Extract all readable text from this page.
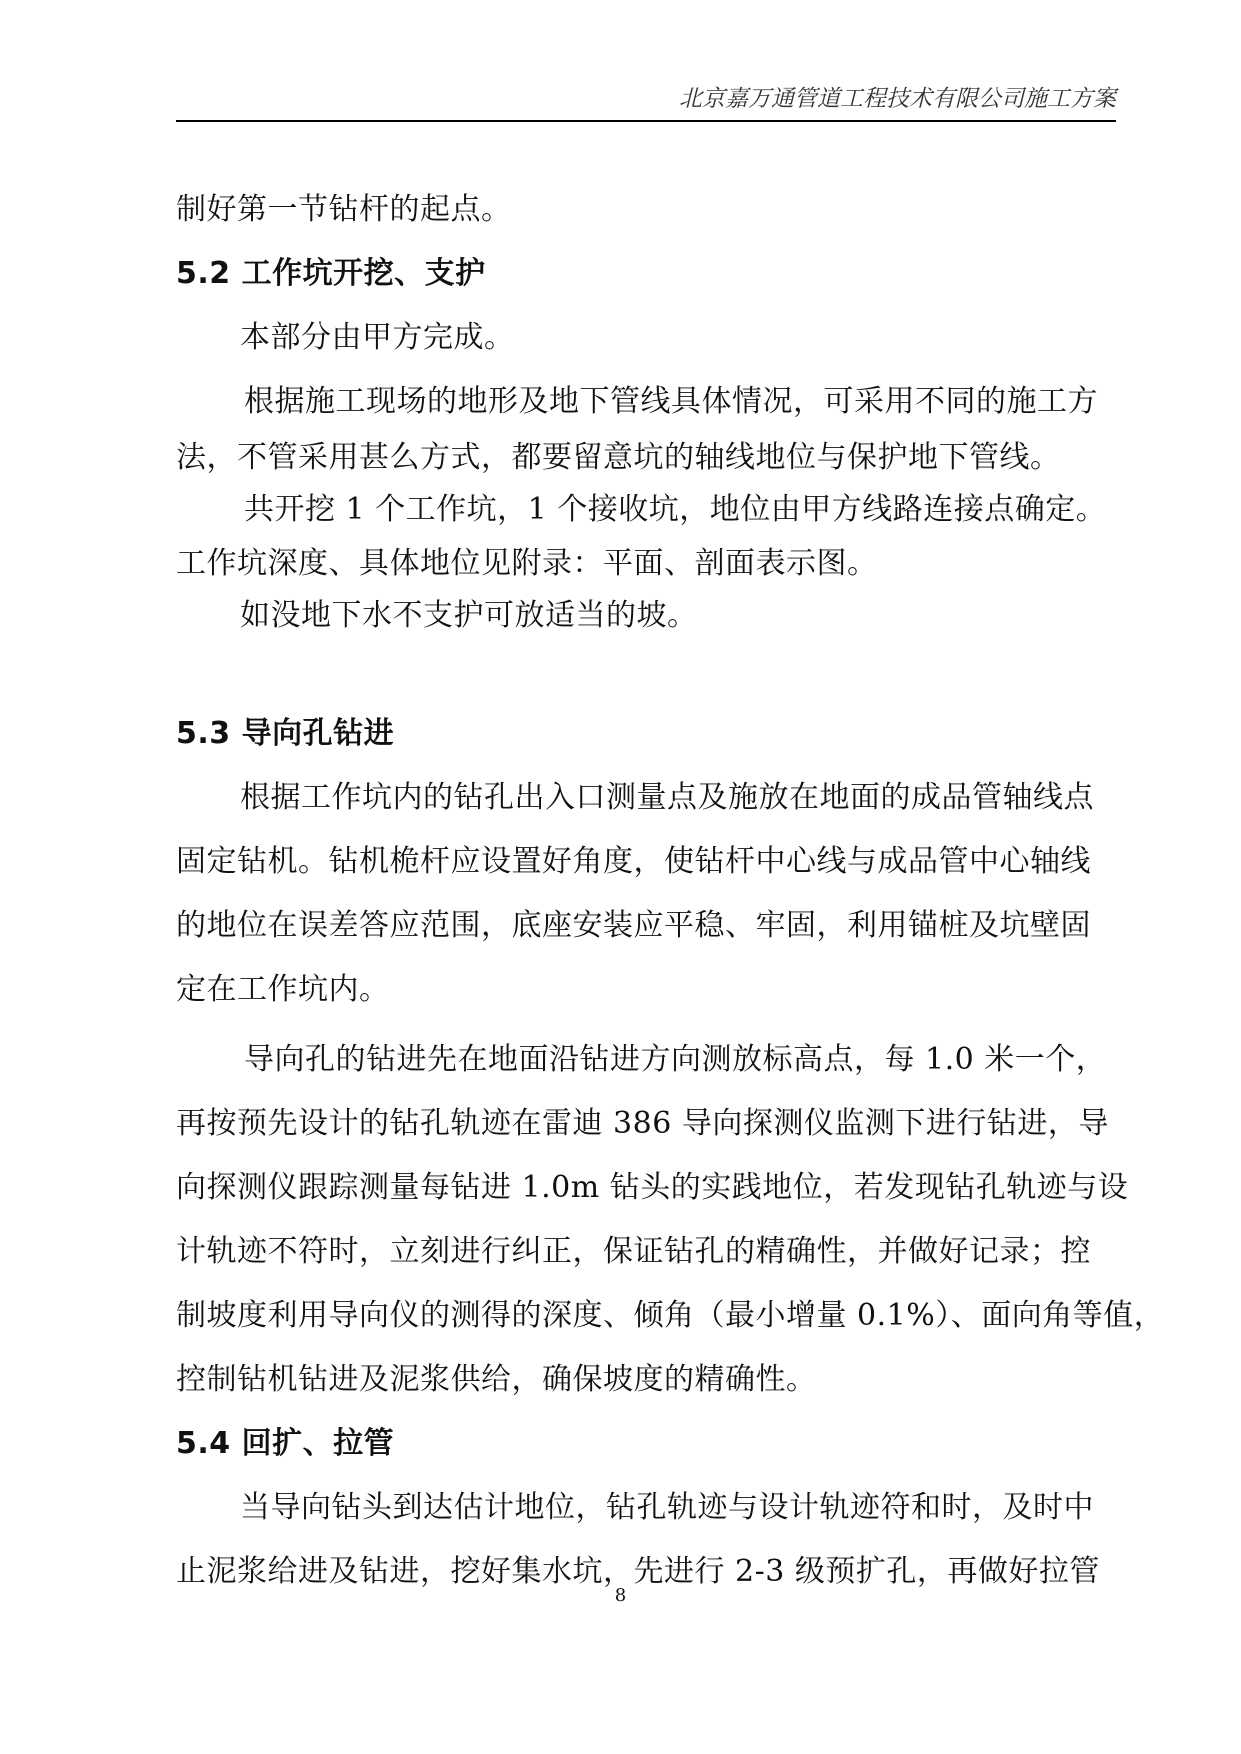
北京嘉万通管道工程技术有限公司施工方案
制好第一节钻杆的起点。
5.2 工作坑开挖、支护
本部分由甲方完成。
根据施工现场的地形及地下管线具体情况，可采用不同的施工方
法，不管采用甚么方式，都要留意坑的轴线地位与保护地下管线。
共开挖 1 个工作坑，1 个接收坑，地位由甲方线路连接点确定。
工作坑深度、具体地位见附录：平面、剖面表示图。
如没地下水不支护可放适当的坡。
5.3 导向孔钻进
根据工作坑内的钻孔出入口测量点及施放在地面的成品管轴线点
固定钻机。钻机桅杆应设置好角度，使钻杆中心线与成品管中心轴线
的地位在误差答应范围，底座安装应平稳、牢固，利用锚桩及坑壁固
定在工作坑内。
导向孔的钻进先在地面沿钻进方向测放标高点，每 1.0 米一个，
再按预先设计的钻孔轨迹在雷迪 386 导向探测仪监测下进行钻进，导
向探测仪跟踪测量每钻进 1.0m 钻头的实践地位，若发现钻孔轨迹与设
计轨迹不符时，立刻进行纠正，保证钻孔的精确性，并做好记录；控
制坡度利用导向仪的测得的深度、倾角（最小增量 0.1%）、面向角等值，
控制钻机钻进及泥浆供给，确保坡度的精确性。
5.4 回扩、拉管
当导向钻头到达估计地位，钻孔轨迹与设计轨迹符和时，及时中
止泥浆给进及钻进，挖好集水坑，先进行 2-3 级预扩孔，再做好拉管
8
